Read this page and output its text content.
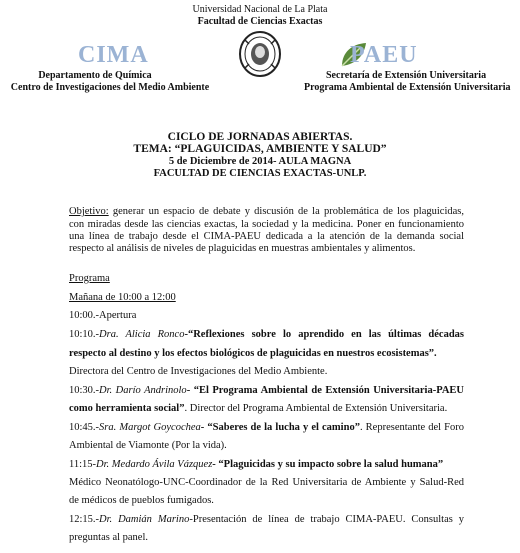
Universidad Nacional de La Plata
Facultad de Ciencias Exactas
CIMA	PAEU
Departamento de Química
Centro de Investigaciones del Medio Ambiente
Secretaría de Extensión Universitaria
Programa Ambiental de Extensión Universitaria
CICLO DE JORNADAS ABIERTAS.
TEMA: “PLAGUICIDAS, AMBIENTE Y SALUD”
5 de Diciembre de 2014- AULA MAGNA
FACULTAD DE CIENCIAS EXACTAS-UNLP.
Objetivo: generar un espacio de debate y discusión de la problemática de los plaguicidas,
con miradas desde las ciencias exactas, la sociedad y la medicina. Poner en funcionamiento
una línea de trabajo desde el CIMA-PAEU dedicada a la atención de la demanda social
respecto al análisis de niveles de plaguicidas en muestras ambientales y alimentos.
Programa
Mañana de 10:00 a 12:00
10:00.-Apertura
10:10.-Dra. Alicia Ronco-“Reflexiones sobre lo aprendido en las últimas décadas
respecto al destino y los efectos biológicos de plaguicidas en nuestros ecosistemas”.
Directora del Centro de Investigaciones del Medio Ambiente.
10:30.-Dr. Darío Andrinolo- “El Programa Ambiental de Extensión Universitaria-PAEU
como herramienta social”. Director del Programa Ambiental de Extensión Universitaria.
10:45.-Sra. Margot Goycochea- “Saberes de la lucha y el camino”. Representante del Foro
Ambiental de Viamonte (Por la vida).
11:15-Dr. Medardo Ávila Vázquez- “Plaguicidas y su impacto sobre la salud humana”
Médico Neonatólogo-UNC-Coordinador de la Red Universitaria de Ambiente y Salud-Red
de médicos de pueblos fumigados.
12:15.-Dr. Damián Marino-Presentación de línea de trabajo CIMA-PAEU. Consultas y
preguntas al panel.
